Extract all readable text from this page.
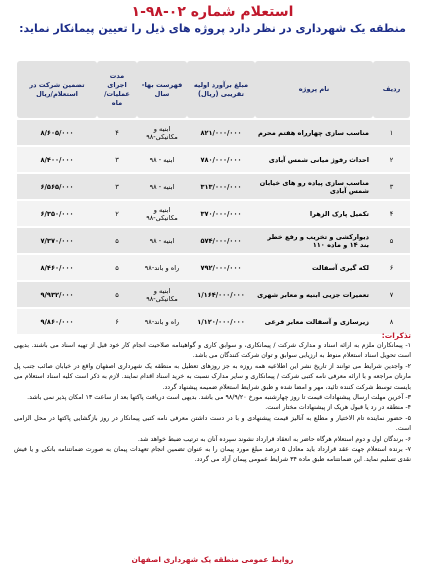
استعلام شماره ۰۲-۹۸-۱
منطقه یک شهرداری در نظر دارد پروژه های ذیل را تعیین پیمانکار نماید:
ردیف	نام پروژه	مبلغ برآورد اولیه تقریبی (ریال)	فهرست بها-سال	مدت اجرای عملیات/ماه	تضمین شرکت در استعلام/ریال
۱	مناسب سازی چهارراه هفتم محرم	۸۲۱/۰۰۰/۰۰۰	ابنیه و مکانیکی-۹۸	۴	۸/۶۰۵/۰۰۰
۲	احداث رفوژ میانی شمس آبادی	۷۸۰/۰۰۰/۰۰۰	ابنیه - ۹۸	۳	۸/۴۰۰/۰۰۰
۳	مناسب سازی پیاده رو های خیابان شمس آبادی	۳۱۳/۰۰۰/۰۰۰	ابنیه - ۹۸	۳	۶/۵۶۵/۰۰۰
۴	تکمیل پارک الزهرا	۳۷۰/۰۰۰/۰۰۰	ابنیه و مکانیکی-۹۸	۲	۶/۳۵۰/۰۰۰
۵	دیوارکشی و تخریب و رفع خطر بند ۱۴ و ماده ۱۱۰	۵۷۴/۰۰۰/۰۰۰	ابنیه - ۹۸	۵	۷/۳۷۰/۰۰۰
۶	لکه گیری آسفالت	۷۹۲/۰۰۰/۰۰۰	راه و باند-۹۸	۵	۸/۴۶۰/۰۰۰
۷	تعمیرات جزیی ابنیه و معابر شهری	۱/۱۶۴/۰۰۰/۰۰۰	ابنیه و مکانیکی-۹۸	۵	۹/۹۳۲/۰۰۰
۸	زیرسازی و آسفالت معابر فرعی	۱/۱۲۰/۰۰۰/۰۰۰	راه و باند-۹۸	۶	۹/۸۶۰/۰۰۰
تذکرات:

۱- پیمانکاران ملزم به ارائه اسناد و مدارک شرکت / پیمانکاری، و سوابق کاری و گواهینامه صلاحیت انجام کار خود قبل از تهیه اسناد می باشند. بدیهی است تحویل اسناد استعلام منوط به ارزیابی سوابق و توان شرکت کنندگان می باشد.

۲- واجدین شرایط می توانند از تاریخ نشر این اطلاعیه همه روزه به جز روزهای تعطیل به منطقه یک شهرداری اصفهان واقع در خیابان صائب جنب پل مارنان مراجعه و با ارائه معرفی نامه کتبی شرکت / پیمانکاری و سایر مدارک نسبت به خرید اسناد اقدام نمایند. لازم به ذکر است کلیه اسناد استعلام می بایست توسط شرکت کننده تائید، مهر و امضا شده و طبق شرایط استعلام ضمیمه پیشنهاد گردد.

۳- آخرین مهلت ارسال پیشنهادات قیمت تا روز چهارشنبه مورخ ۹۸/۹/۲۰ می باشد. بدیهی است دریافت پاکتها بعد از ساعت ۱۳ امکان پذیر نمی باشد.

۴- منطقه در رد یا قبول هریک از پیشنهادات مختار است.

۵- حضور نماینده تام الاختیار و مطلع به آنالیز قیمت پیشنهادی و با در دست داشتن معرفی نامه کتبی پیمانکار در روز بازگشایی پاکتها در محل الزامی است.

۶- برندگان اول و دوم استعلام هرگاه حاضر به انعقاد قرارداد نشوند سپرده آنان به ترتیب ضبط خواهد شد.

۷- برنده استعلام جهت عقد قرارداد باید معادل ۵ درصد مبلغ مورد پیمان را به عنوان تضمین انجام تعهدات پیمان به صورت ضمانتنامه بانکی و یا فیش نقدی تسلیم نماید. این ضمانتنامه طبق ماده ۳۴ شرایط عمومی پیمان آزاد می گردد.

روابط عمومی منطقه یک شهرداری اصفهان
